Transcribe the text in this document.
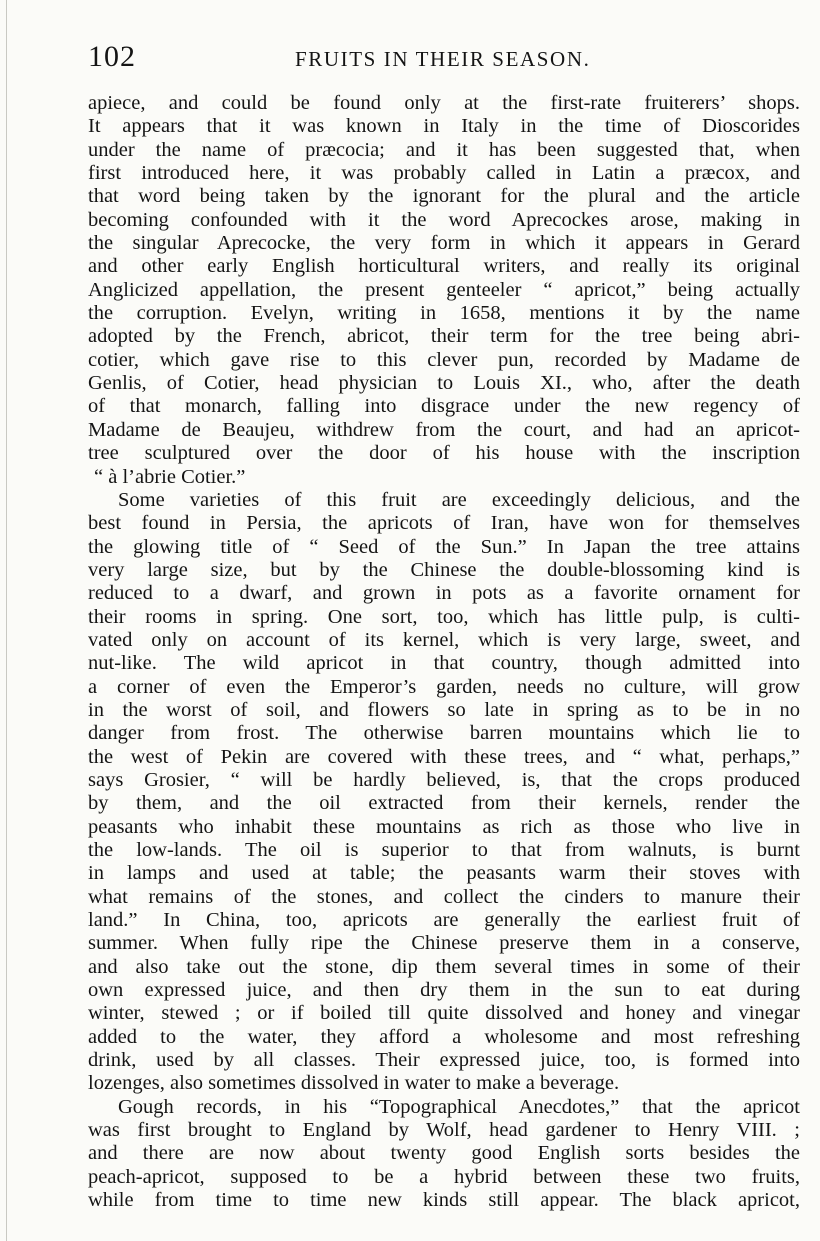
102	FRUITS IN THEIR SEASON.
apiece, and could be found only at the first-rate fruiterers’ shops.
It appears that it was known in Italy in the time of Dioscorides
under the name of præcocia; and it has been suggested that, when
first introduced here, it was probably called in Latin a præcox, and
that word being taken by the ignorant for the plural and the article
becoming confounded with it the word Aprecockes arose, making in
the singular Aprecocke, the very form in which it appears in Gerard
and other early English horticultural writers, and really its original
Anglicized appellation, the present genteeler “ apricot,” being actually
the corruption. Evelyn, writing in 1658, mentions it by the name
adopted by the French, abricot, their term for the tree being abri-
cotier, which gave rise to this clever pun, recorded by Madame de
Genlis, of Cotier, head physician to Louis XI., who, after the death
of that monarch, falling into disgrace under the new regency of
Madame de Beaujeu, withdrew from the court, and had an apricot-
tree sculptured over the door of his house with the inscription
“ à l’abrie Cotier.”
Some varieties of this fruit are exceedingly delicious, and the
best found in Persia, the apricots of Iran, have won for themselves
the glowing title of “ Seed of the Sun.” In Japan the tree attains
very large size, but by the Chinese the double-blossoming kind is
reduced to a dwarf, and grown in pots as a favorite ornament for
their rooms in spring. One sort, too, which has little pulp, is culti-
vated only on account of its kernel, which is very large, sweet, and
nut-like. The wild apricot in that country, though admitted into
a corner of even the Emperor’s garden, needs no culture, will grow
in the worst of soil, and flowers so late in spring as to be in no
danger from frost. The otherwise barren mountains which lie to
the west of Pekin are covered with these trees, and “ what, perhaps,”
says Grosier, “ will be hardly believed, is, that the crops produced
by them, and the oil extracted from their kernels, render the
peasants who inhabit these mountains as rich as those who live in
the low-lands. The oil is superior to that from walnuts, is burnt
in lamps and used at table; the peasants warm their stoves with
what remains of the stones, and collect the cinders to manure their
land.” In China, too, apricots are generally the earliest fruit of
summer. When fully ripe the Chinese preserve them in a conserve,
and also take out the stone, dip them several times in some of their
own expressed juice, and then dry them in the sun to eat during
winter, stewed ; or if boiled till quite dissolved and honey and vinegar
added to the water, they afford a wholesome and most refreshing
drink, used by all classes. Their expressed juice, too, is formed into
lozenges, also sometimes dissolved in water to make a beverage.
Gough records, in his “Topographical Anecdotes,” that the apricot
was first brought to England by Wolf, head gardener to Henry VIII. ;
and there are now about twenty good English sorts besides the
peach-apricot, supposed to be a hybrid between these two fruits,
while from time to time new kinds still appear. The black apricot,
